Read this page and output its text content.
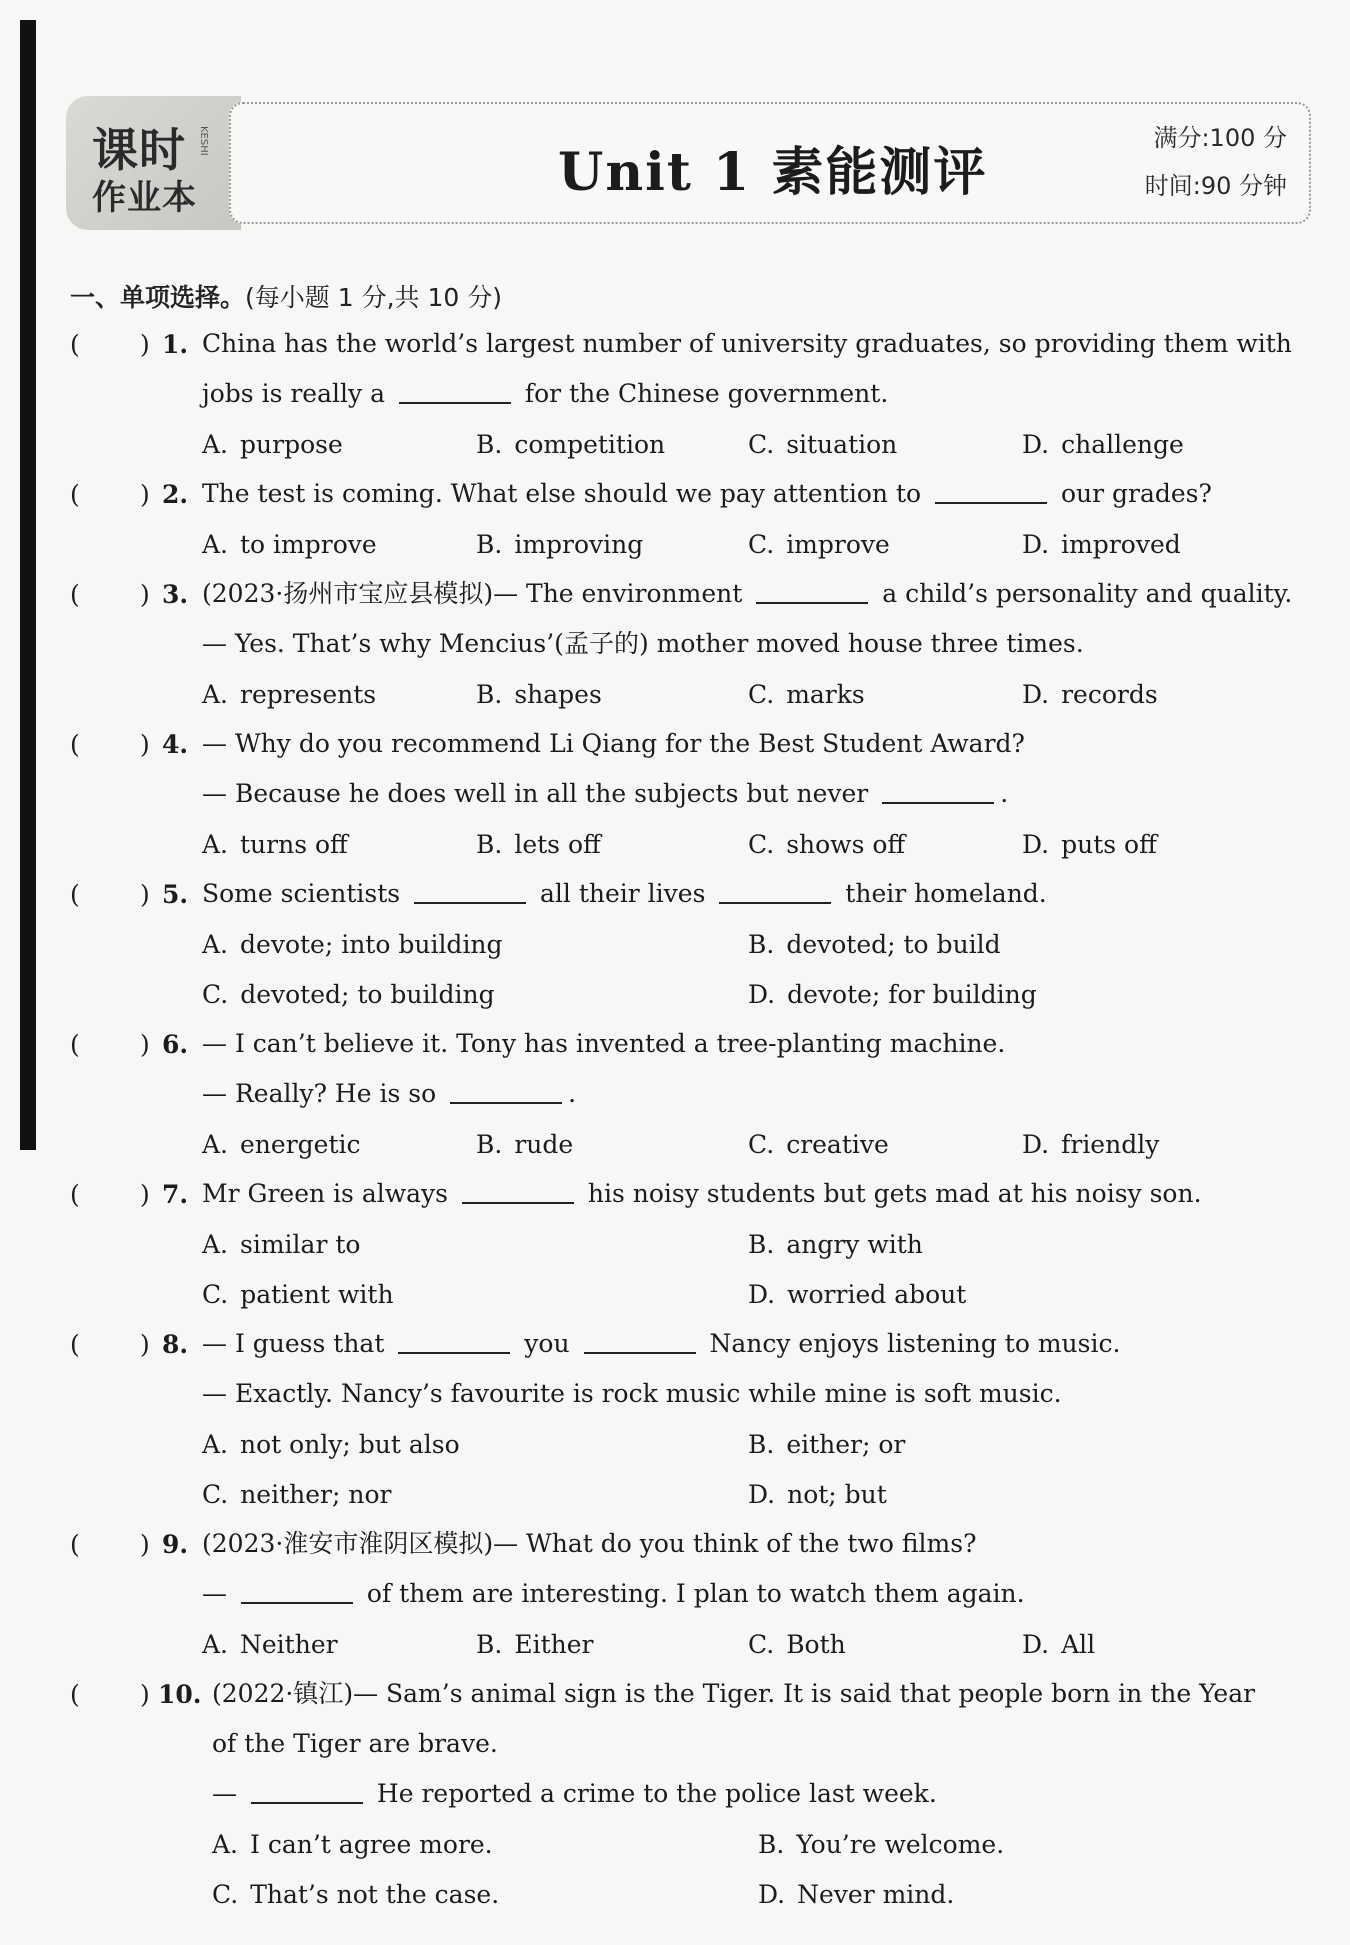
课时
作业本
KESHI
Unit 1 素能测评
满分:100 分
时间:90 分钟
一、单项选择。(每小题 1 分,共 10 分)
( ) 1. China has the world’s largest number of university graduates, so providing them with
jobs is really a	for the Chinese government.
A. purpose	B. competition	C. situation	D. challenge
( ) 2. The test is coming. What else should we pay attention to	our grades?
A. to improve	B. improving	C. improve	D. improved
( ) 3. (2023·扬州市宝应县模拟)— The environment	a child’s personality and quality.
— Yes. That’s why Mencius’(孟子的) mother moved house three times.
A. represents	B. shapes	C. marks	D. records
( ) 4. — Why do you recommend Li Qiang for the Best Student Award?
— Because he does well in all the subjects but never	.
A. turns off	B. lets off	C. shows off	D. puts off
( ) 5. Some scientists	all their lives	their homeland.
A. devote; into building	B. devoted; to build
C. devoted; to building	D. devote; for building
( ) 6. — I can’t believe it. Tony has invented a tree-planting machine.
— Really? He is so	.
A. energetic	B. rude	C. creative	D. friendly
( ) 7. Mr Green is always	his noisy students but gets mad at his noisy son.
A. similar to	B. angry with
C. patient with	D. worried about
( ) 8. — I guess that	you	Nancy enjoys listening to music.
— Exactly. Nancy’s favourite is rock music while mine is soft music.
A. not only; but also	B. either; or
C. neither; nor	D. not; but
( ) 9. (2023·淮安市淮阴区模拟)— What do you think of the two films?
—	of them are interesting. I plan to watch them again.
A. Neither	B. Either	C. Both	D. All
( ) 10. (2022·镇江)— Sam’s animal sign is the Tiger. It is said that people born in the Year
of the Tiger are brave.
—	He reported a crime to the police last week.
A. I can’t agree more.	B. You’re welcome.
C. That’s not the case.	D. Never mind.
